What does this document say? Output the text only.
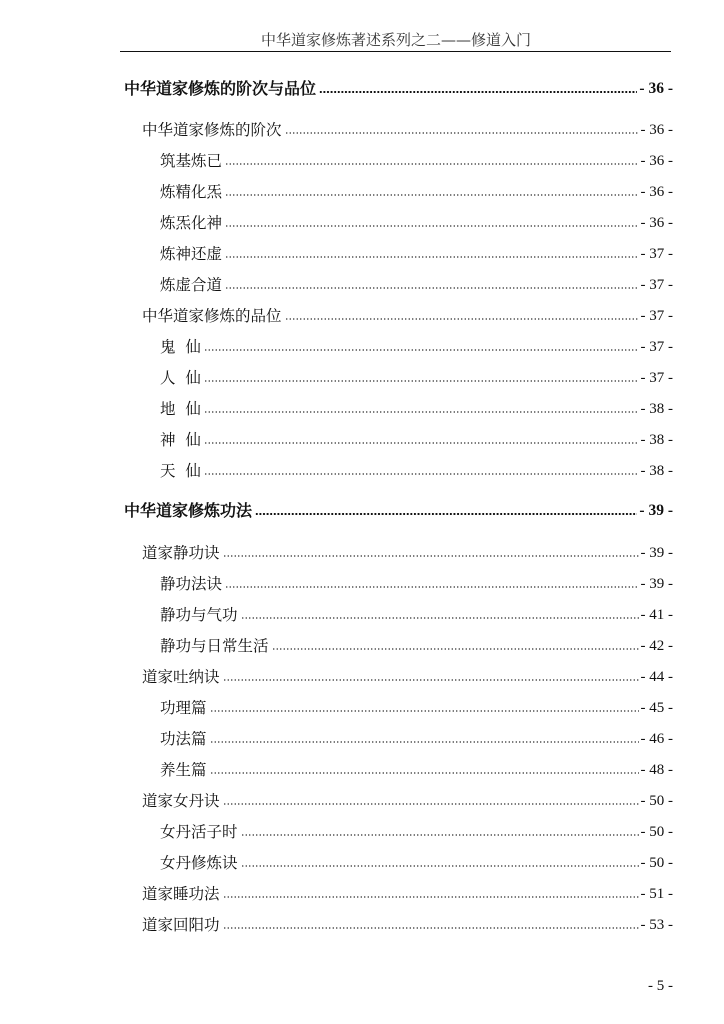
中华道家修炼著述系列之二——修道入门
中华道家修炼的阶次与品位	- 36 -
中华道家修炼的阶次	- 36 -
筑基炼已	- 36 -
炼精化炁	- 36 -
炼炁化神	- 36 -
炼神还虚	- 37 -
炼虚合道	- 37 -
中华道家修炼的品位	- 37 -
鬼  仙	- 37 -
人  仙	- 37 -
地  仙	- 38 -
神  仙	- 38 -
天  仙	- 38 -
中华道家修炼功法	- 39 -
道家静功诀	- 39 -
静功法诀	- 39 -
静功与气功	- 41 -
静功与日常生活	- 42 -
道家吐纳诀	- 44 -
功理篇	- 45 -
功法篇	- 46 -
养生篇	- 48 -
道家女丹诀	- 50 -
女丹活子时	- 50 -
女丹修炼诀	- 50 -
道家睡功法	- 51 -
道家回阳功	- 53 -
- 5 -
